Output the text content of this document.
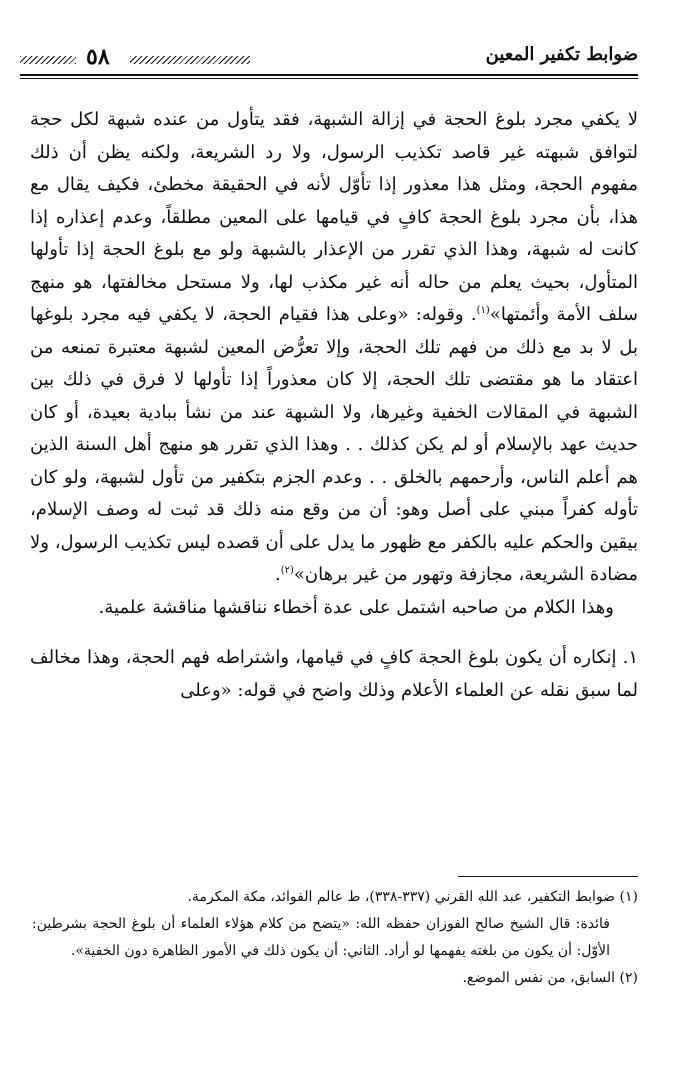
ضوابط تكفير المعين
٥٨

لا يكفي مجرد بلوغ الحجة في إزالة الشبهة، فقد يتأول من عنده شبهة لكل حجة لتوافق شبهته غير قاصد تكذيب الرسول، ولا رد الشريعة، ولكنه يظن أن ذلك مفهوم الحجة، ومثل هذا معذور إذا تأوّل لأنه في الحقيقة مخطئ، فكيف يقال مع هذا، بأن مجرد بلوغ الحجة كافٍ في قيامها على المعين مطلقاً، وعدم إعذاره إذا كانت له شبهة، وهذا الذي تقرر من الإعذار بالشبهة ولو مع بلوغ الحجة إذا تأولها المتأول، بحيث يعلم من حاله أنه غير مكذب لها، ولا مستحل مخالفتها، هو منهج سلف الأمة وأئمتها»$^{(١)}$. وقوله: «وعلى هذا فقيام الحجة، لا يكفي فيه مجرد بلوغها بل لا بد مع ذلك من فهم تلك الحجة، وإلا تعرُّض المعين لشبهة معتبرة تمنعه من اعتقاد ما هو مقتضى تلك الحجة، إلا كان معذوراً إذا تأولها لا فرق في ذلك بين الشبهة في المقالات الخفية وغيرها، ولا الشبهة عند من نشأ ببادية بعيدة، أو كان حديث عهد بالإسلام أو لم يكن كذلك . . وهذا الذي تقرر هو منهج أهل السنة الذين هم أعلم الناس، وأرحمهم بالخلق . . وعدم الجزم بتكفير من تأول لشبهة، ولو كان تأوله كفراً مبني على أصل وهو: أن من وقع منه ذلك قد ثبت له وصف الإسلام، بيقين والحكم عليه بالكفر مع ظهور ما يدل على أن قصده ليس تكذيب الرسول، ولا مضادة الشريعة، مجازفة وتهور من غير برهان»$^{(٢)}$.

وهذا الكلام من صاحبه اشتمل على عدة أخطاء نناقشها مناقشة علمية.

١. إنكاره أن يكون بلوغ الحجة كافٍ في قيامها، واشتراطه فهم الحجة، وهذا مخالف لما سبق نقله عن العلماء الأعلام وذلك واضح في قوله: «وعلى

(١) ضوابط التكفير، عبد الله القرني (٣٣٧-٣٣٨)، ط عالم الفوائد، مكة المكرمة.

فائدة: قال الشيخ صالح الفوزان حفظه الله: «يتضح من كلام هؤلاء العلماء أن بلوغ الحجة بشرطين: الأوّل: أن يكون من بلغته يفهمها لو أراد. الثاني: أن يكون ذلك في الأمور الظاهرة دون الخفية».

(٢) السابق، من نفس الموضع.
